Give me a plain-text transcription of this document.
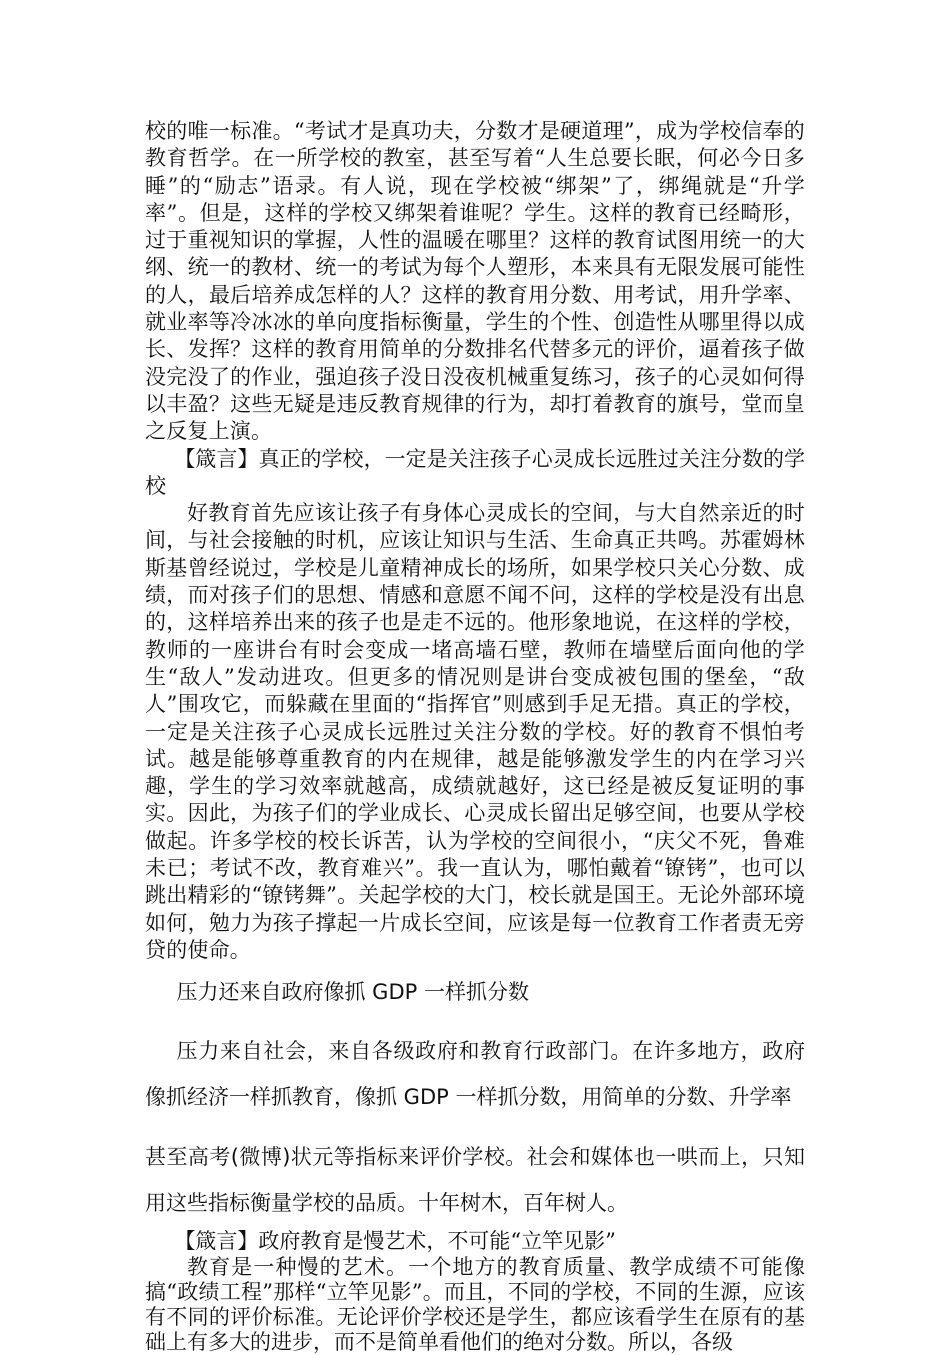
校的唯一标准。“考试才是真功夫，分数才是硬道理”，成为学校信奉的教育哲学。在一所学校的教室，甚至写着“人生总要长眠，何必今日多睡”的“励志”语录。有人说，现在学校被“绑架”了，绑绳就是“升学率”。但是，这样的学校又绑架着谁呢？学生。这样的教育已经畸形，过于重视知识的掌握，人性的温暖在哪里？这样的教育试图用统一的大纲、统一的教材、统一的考试为每个人塑形，本来具有无限发展可能性的人，最后培养成怎样的人？这样的教育用分数、用考试，用升学率、就业率等冷冰冰的单向度指标衡量，学生的个性、创造性从哪里得以成长、发挥？这样的教育用简单的分数排名代替多元的评价，逼着孩子做没完没了的作业，强迫孩子没日没夜机械重复练习，孩子的心灵如何得以丰盈？这些无疑是违反教育规律的行为，却打着教育的旗号，堂而皇之反复上演。

【箴言】真正的学校，一定是关注孩子心灵成长远胜过关注分数的学校

好教育首先应该让孩子有身体心灵成长的空间，与大自然亲近的时间，与社会接触的时机，应该让知识与生活、生命真正共鸣。苏霍姆林斯基曾经说过，学校是儿童精神成长的场所，如果学校只关心分数、成绩，而对孩子们的思想、情感和意愿不闻不问，这样的学校是没有出息的，这样培养出来的孩子也是走不远的。他形象地说，在这样的学校，教师的一座讲台有时会变成一堵高墙石壁，教师在墙壁后面向他的学生“敌人”发动进攻。但更多的情况则是讲台变成被包围的堡垒，“敌人”围攻它，而躲藏在里面的“指挥官”则感到手足无措。真正的学校，一定是关注孩子心灵成长远胜过关注分数的学校。好的教育不惧怕考试。越是能够尊重教育的内在规律，越是能够激发学生的内在学习兴趣，学生的学习效率就越高，成绩就越好，这已经是被反复证明的事实。因此，为孩子们的学业成长、心灵成长留出足够空间，也要从学校做起。许多学校的校长诉苦，认为学校的空间很小，“庆父不死，鲁难未已；考试不改，教育难兴”。我一直认为，哪怕戴着“镣铐”，也可以跳出精彩的“镣铐舞”。关起学校的大门，校长就是国王。无论外部环境如何，勉力为孩子撑起一片成长空间，应该是每一位教育工作者责无旁贷的使命。

压力还来自政府像抓 GDP 一样抓分数

压力来自社会，来自各级政府和教育行政部门。在许多地方，政府像抓经济一样抓教育，像抓 GDP 一样抓分数，用简单的分数、升学率
甚至高考(微博)状元等指标来评价学校。社会和媒体也一哄而上，只知用这些指标衡量学校的品质。十年树木，百年树人。

【箴言】政府教育是慢艺术，不可能“立竿见影”

教育是一种慢的艺术。一个地方的教育质量、教学成绩不可能像搞“政绩工程”那样“立竿见影”。而且，不同的学校，不同的生源，应该有不同的评价标准。无论评价学校还是学生，都应该看学生在原有的基础上有多大的进步，而不是简单看他们的绝对分数。所以，各级
